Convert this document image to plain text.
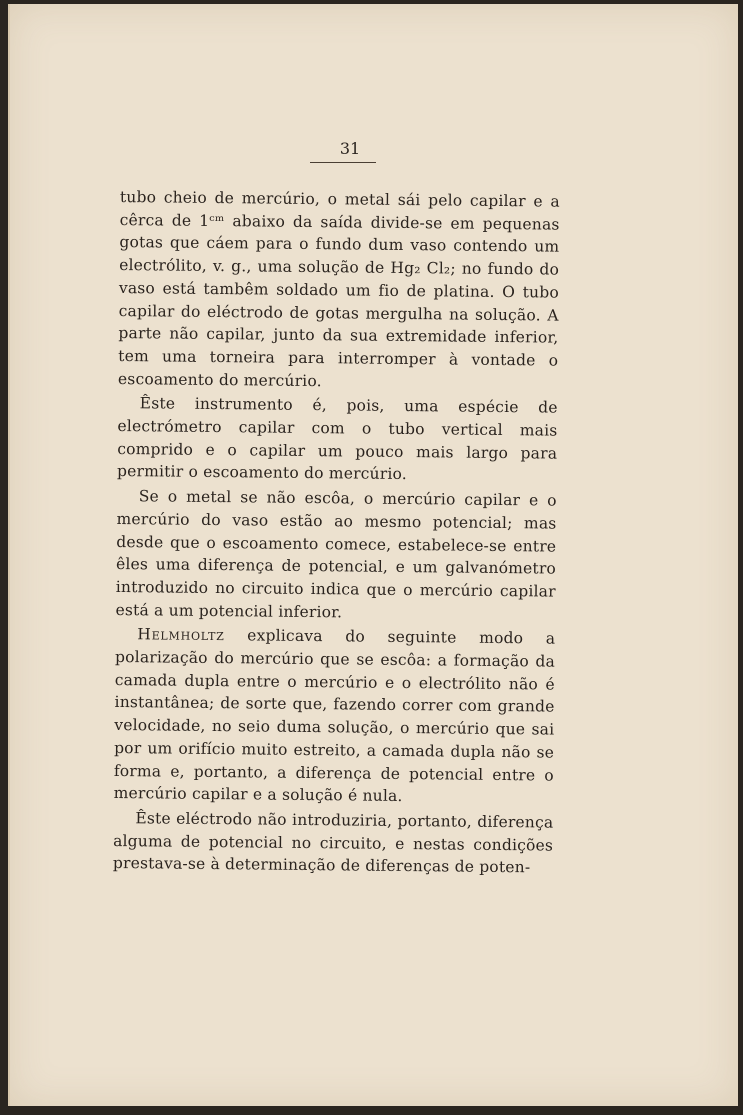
31

tubo cheio de mercúrio, o metal sái pelo capilar e a cêrca de 1ᶜᵐ abaixo da saída divide-se em pequenas gotas que cáem para o fundo dum vaso contendo um electrólito, v. g., uma solução de Hg₂ Cl₂; no fundo do vaso está tambêm soldado um fio de platina. O tubo capilar do eléctrodo de gotas mergulha na solução. A parte não capilar, junto da sua extremidade inferior, tem uma torneira para interromper à vontade o escoamento do mercúrio.

Êste instrumento é, pois, uma espécie de electrómetro capilar com o tubo vertical mais comprido e o capilar um pouco mais largo para permitir o escoamento do mercúrio.

Se o metal se não escôa, o mercúrio capilar e o mercúrio do vaso estão ao mesmo potencial; mas desde que o escoamento comece, estabelece-se entre êles uma diferença de potencial, e um galvanómetro introduzido no circuito indica que o mercúrio capilar está a um potencial inferior.

Helmholtz explicava do seguinte modo a polarização do mercúrio que se escôa: a formação da camada dupla entre o mercúrio e o electrólito não é instantânea; de sorte que, fazendo correr com grande velocidade, no seio duma solução, o mercúrio que sai por um orifício muito estreito, a camada dupla não se forma e, portanto, a diferença de potencial entre o mercúrio capilar e a solução é nula.

Êste eléctrodo não introduziria, portanto, diferença alguma de potencial no circuito, e nestas condições prestava-se à determinação de diferenças de poten-
